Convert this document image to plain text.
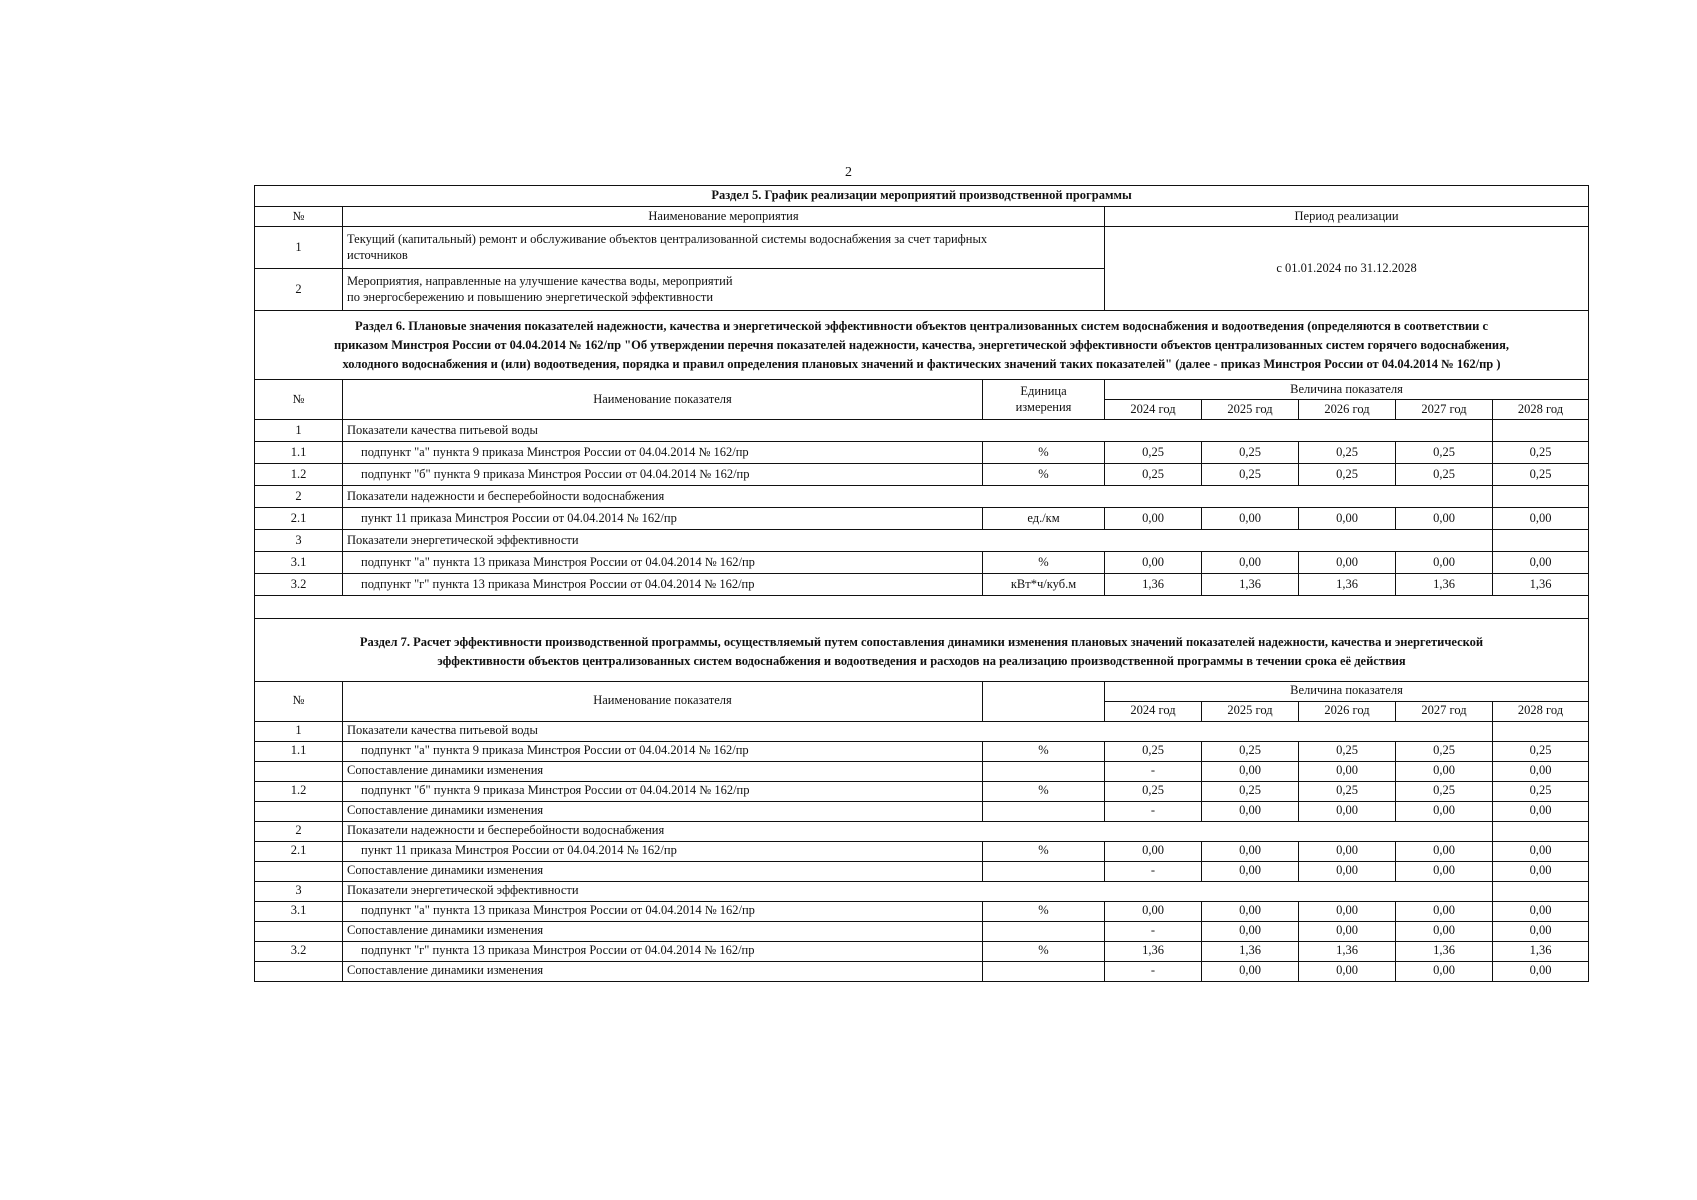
2
Раздел 5. График реализации мероприятий производственной программы							
№	Наименование мероприятия		Период реализации				
1	Текущий (капитальный) ремонт и обслуживание объектов централизованной системы водоснабжения за счет тарифных
источников		с 01.01.2024 по 31.12.2028				
2	Мероприятия, направленные на улучшение качества воды, мероприятий
по энергосбережению и повышению энергетической эффективности						

Раздел 6. Плановые значения показателей надежности, качества и энергетической эффективности объектов централизованных систем водоснабжения и водоотведения (определяются в соответствии с
приказом Минстроя России от 04.04.2014 № 162/пр "Об утверждении перечня показателей надежности, качества, энергетической эффективности объектов централизованных систем горячего водоснабжения,
холодного водоснабжения и (или) водоотведения, порядка и правил определения плановых значений и фактических значений таких показателей" (далее - приказ Минстроя России от 04.04.2014 № 162/пр )							

№	Наименование показателя	Единица
измерения	Величина показателя				
			2024 год	2025 год	2026 год	2027 год	2028 год
1	Показатели качества питьевой воды						
1.1	подпункт "а" пункта 9 приказа Минстроя России от 04.04.2014 № 162/пр	%	0,25	0,25	0,25	0,25	0,25
1.2	подпункт "б" пункта 9 приказа Минстроя России от 04.04.2014 № 162/пр	%	0,25	0,25	0,25	0,25	0,25
2	Показатели надежности и бесперебойности водоснабжения						
2.1	пункт 11 приказа Минстроя России от 04.04.2014 № 162/пр	ед./км	0,00	0,00	0,00	0,00	0,00
3	Показатели энергетической эффективности						
3.1	подпункт "а" пункта 13 приказа Минстроя России от 04.04.2014 № 162/пр	%	0,00	0,00	0,00	0,00	0,00
3.2	подпункт "г" пункта 13 приказа Минстроя России от 04.04.2014 № 162/пр	кВт*ч/куб.м	1,36	1,36	1,36	1,36	1,36

Раздел 7. Расчет эффективности производственной программы, осуществляемый путем сопоставления динамики изменения плановых значений показателей надежности, качества и энергетической
эффективности объектов централизованных систем водоснабжения и водоотведения и расходов на реализацию производственной программы в течении срока её действия							

№	Наименование показателя		Величина показателя				
			2024 год	2025 год	2026 год	2027 год	2028 год
1	Показатели качества питьевой воды						
1.1	подпункт "а" пункта 9 приказа Минстроя России от 04.04.2014 № 162/пр	%	0,25	0,25	0,25	0,25	0,25
	Сопоставление динамики изменения		-	0,00	0,00	0,00	0,00
1.2	подпункт "б" пункта 9 приказа Минстроя России от 04.04.2014 № 162/пр	%	0,25	0,25	0,25	0,25	0,25
	Сопоставление динамики изменения		-	0,00	0,00	0,00	0,00
2	Показатели надежности и бесперебойности водоснабжения						
2.1	пункт 11 приказа Минстроя России от 04.04.2014 № 162/пр	%	0,00	0,00	0,00	0,00	0,00
	Сопоставление динамики изменения		-	0,00	0,00	0,00	0,00
3	Показатели энергетической эффективности						
3.1	подпункт "а" пункта 13 приказа Минстроя России от 04.04.2014 № 162/пр	%	0,00	0,00	0,00	0,00	0,00
	Сопоставление динамики изменения		-	0,00	0,00	0,00	0,00
3.2	подпункт "г" пункта 13 приказа Минстроя России от 04.04.2014 № 162/пр	%	1,36	1,36	1,36	1,36	1,36
	Сопоставление динамики изменения		-	0,00	0,00	0,00	0,00
